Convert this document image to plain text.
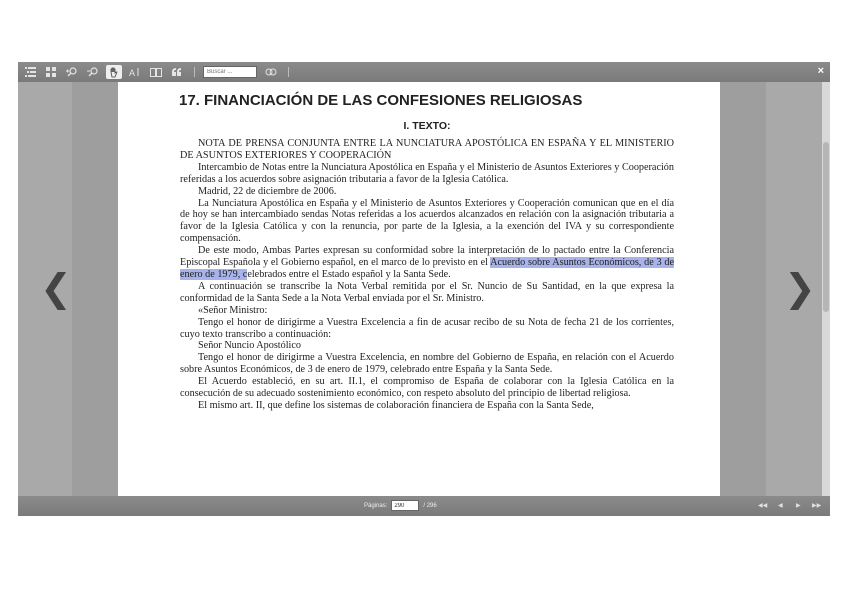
A
Buscar ...	×
❮	❯
17. FINANCIACIÓN DE LAS CONFESIONES RELIGIOSAS
I. TEXTO:

NOTA DE PRENSA CONJUNTA ENTRE LA NUNCIATURA APOSTÓLICA EN ESPAÑA Y EL MINISTERIO DE ASUNTOS EXTERIORES Y COOPERACIÓN

Intercambio de Notas entre la Nunciatura Apostólica en España y el Ministerio de Asuntos Exteriores y Cooperación referidas a los acuerdos sobre asignación tributaria a favor de la Iglesia Católica.

Madrid, 22 de diciembre de 2006.

La Nunciatura Apostólica en España y el Ministerio de Asuntos Exteriores y Cooperación comunican que en el día de hoy se han intercambiado sendas Notas referidas a los acuerdos alcanzados en relación con la asignación tributaria a favor de la Iglesia Católica y con la renuncia, por parte de la Iglesia, a la exención del IVA y su correspondiente compensación.

De este modo, Ambas Partes expresan su conformidad sobre la interpretación de lo pactado entre la Conferencia Episcopal Española y el Gobierno español, en el marco de lo previsto en el Acuerdo sobre Asuntos Económicos, de 3 de enero de 1979, celebrados entre el Estado español y la Santa Sede.

A continuación se transcribe la Nota Verbal remitida por el Sr. Nuncio de Su Santidad, en la que expresa la conformidad de la Santa Sede a la Nota Verbal enviada por el Sr. Ministro.

«Señor Ministro:

Tengo el honor de dirigirme a Vuestra Excelencia a fin de acusar recibo de su Nota de fecha 21 de los corrientes, cuyo texto transcribo a continuación:

Señor Nuncio Apostólico

Tengo el honor de dirigirme a Vuestra Excelencia, en nombre del Gobierno de España, en relación con el Acuerdo sobre Asuntos Económicos, de 3 de enero de 1979, celebrado entre España y la Santa Sede.

El Acuerdo estableció, en su art. II.1, el compromiso de España de colaborar con la Iglesia Católica en la consecución de su adecuado sostenimiento económico, con respeto absoluto del principio de libertad religiosa.

El mismo art. II, que define los sistemas de colaboración financiera de España con la Santa Sede,

Páginas:
290	/ 296	◀◀ ◀ ▶ ▶▶
